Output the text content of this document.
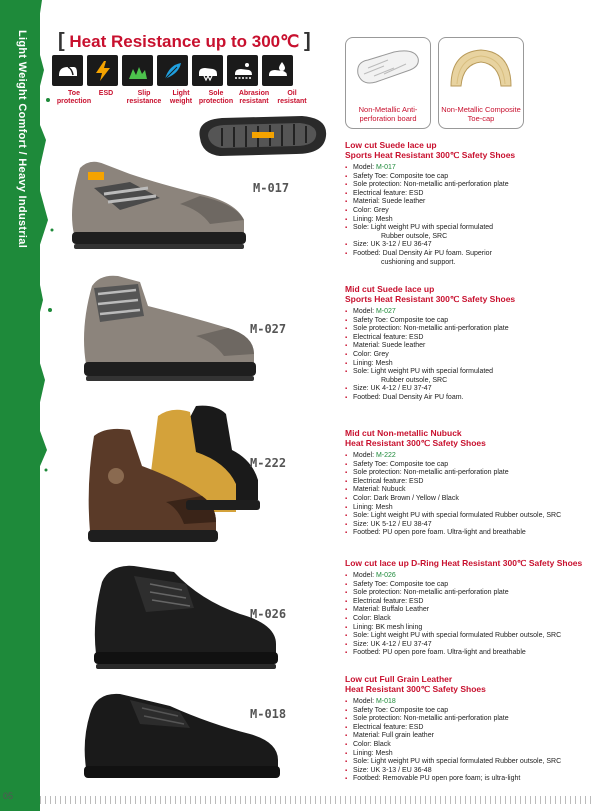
Light Weight Comfort / Heavy Industrial [ Heat Resistance up to 300℃ ]
Toe protection
ESD	Slip resistance
Light weight
Sole protection
Abrasion resistant
Oil resistant
Non-Metallic Anti-perforation board
Non-Metallic Composite Toe-cap
M-017
M-027
M-222
M-026
M-018
Low cut Suede lace up
Sports Heat Resistant 300℃ Safety Shoes
▪ Model: M-017
▪ Safety Toe: Composite toe cap
▪ Sole protection: Non-metallic anti-perforation plate
▪ Electrical feature: ESD
▪ Material: Suede leather
▪ Color: Grey
▪ Lining: Mesh
▪ Sole: Light weight PU with special formulated
Rubber outsole, SRC
▪ Size: UK 3-12 / EU 36-47
▪ Footbed: Dual Density Air PU foam. Superior
cushioning and support.
Mid cut Suede lace up
Sports Heat Resistant 300℃ Safety Shoes
▪ Model: M-027
▪ Safety Toe: Composite toe cap
▪ Sole protection: Non-metallic anti-perforation plate
▪ Electrical feature: ESD
▪ Material: Suede leather
▪ Color: Grey
▪ Lining: Mesh
▪ Sole: Light weight PU with special formulated
Rubber outsole, SRC
▪ Size: UK 4-12 / EU 37-47
▪ Footbed: Dual Density Air PU foam.
Mid cut Non-metallic Nubuck
Heat Resistant 300℃ Safety Shoes
▪ Model: M-222
▪ Safety Toe: Composite toe cap
▪ Sole protection: Non-metallic anti-perforation plate
▪ Electrical feature: ESD
▪ Material: Nubuck
▪ Color: Dark Brown / Yellow / Black
▪ Lining: Mesh
▪ Sole: Light weight PU with special formulated Rubber outsole, SRC
▪ Size: UK 5-12 / EU 38-47
▪ Footbed: PU open pore foam. Ultra-light and breathable
Low cut lace up D-Ring Heat Resistant 300℃ Safety Shoes
▪ Model: M-026
▪ Safety Toe: Composite toe cap
▪ Sole protection: Non-metallic anti-perforation plate
▪ Electrical feature: ESD
▪ Material: Buffalo Leather
▪ Color: Black
▪ Lining: BK mesh lining
▪ Sole: Light weight PU with special formulated Rubber outsole, SRC
▪ Size: UK 4-12 / EU 37-47
▪ Footbed: PU open pore foam. Ultra-light and breathable
Low cut Full Grain Leather
Heat Resistant 300℃ Safety Shoes
▪ Model: M-018
▪ Safety Toe: Composite toe cap
▪ Sole protection: Non-metallic anti-perforation plate
▪ Electrical feature: ESD
▪ Material: Full grain leather
▪ Color: Black
▪ Lining: Mesh
▪ Sole: Light weight PU with special formulated Rubber outsole, SRC
▪ Size: UK 3-13 / EU 36-48
▪ Footbed: Removable PU open pore foam; is ultra-light
05
